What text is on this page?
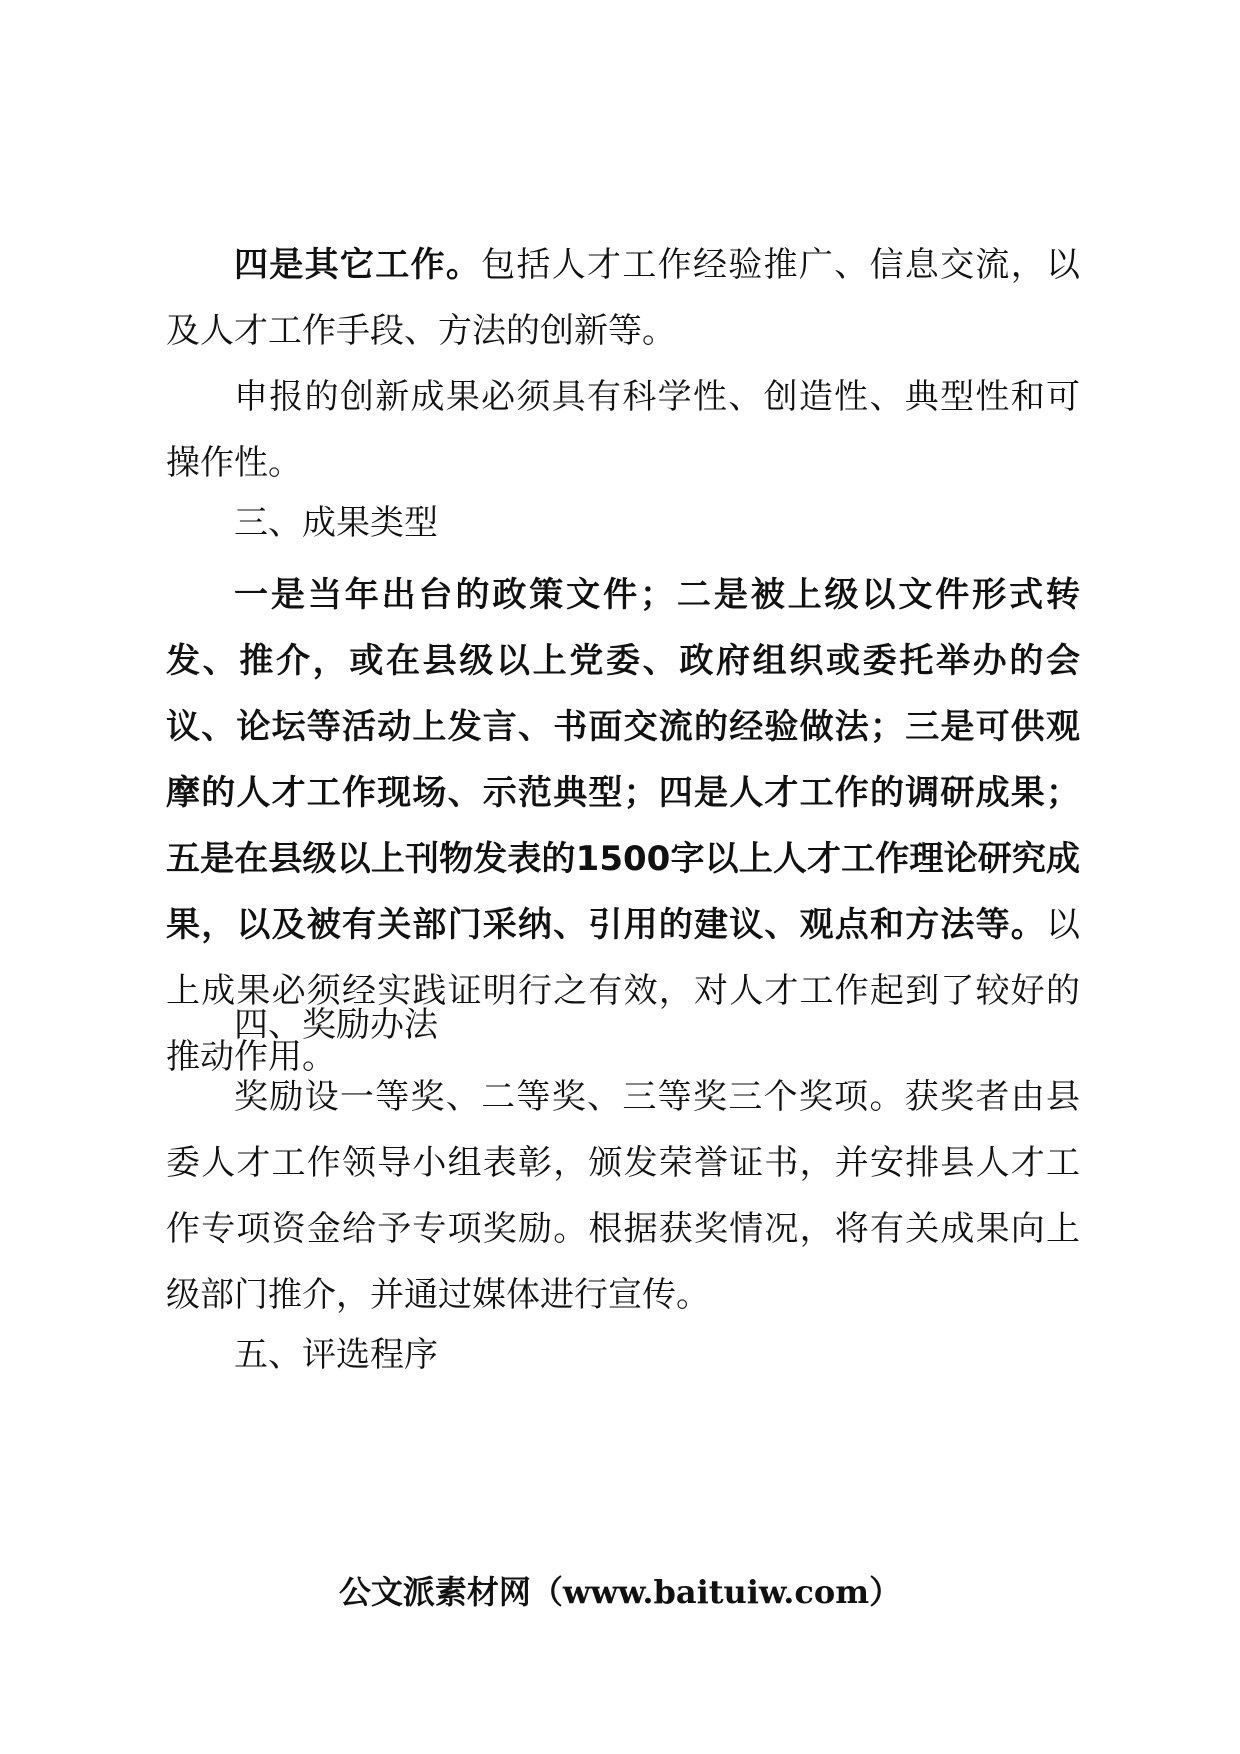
四是其它工作。包括人才工作经验推广、信息交流，以及人才工作手段、方法的创新等。

申报的创新成果必须具有科学性、创造性、典型性和可操作性。

三、成果类型

一是当年出台的政策文件；二是被上级以文件形式转发、推介，或在县级以上党委、政府组织或委托举办的会议、论坛等活动上发言、书面交流的经验做法；三是可供观摩的人才工作现场、示范典型；四是人才工作的调研成果；五是在县级以上刊物发表的1500字以上人才工作理论研究成果，以及被有关部门采纳、引用的建议、观点和方法等。以上成果必须经实践证明行之有效，对人才工作起到了较好的推动作用。

四、奖励办法

奖励设一等奖、二等奖、三等奖三个奖项。获奖者由县委人才工作领导小组表彰，颁发荣誉证书，并安排县人才工作专项资金给予专项奖励。根据获奖情况，将有关成果向上级部门推介，并通过媒体进行宣传。

五、评选程序

公文派素材网（www.baituiw.com）
